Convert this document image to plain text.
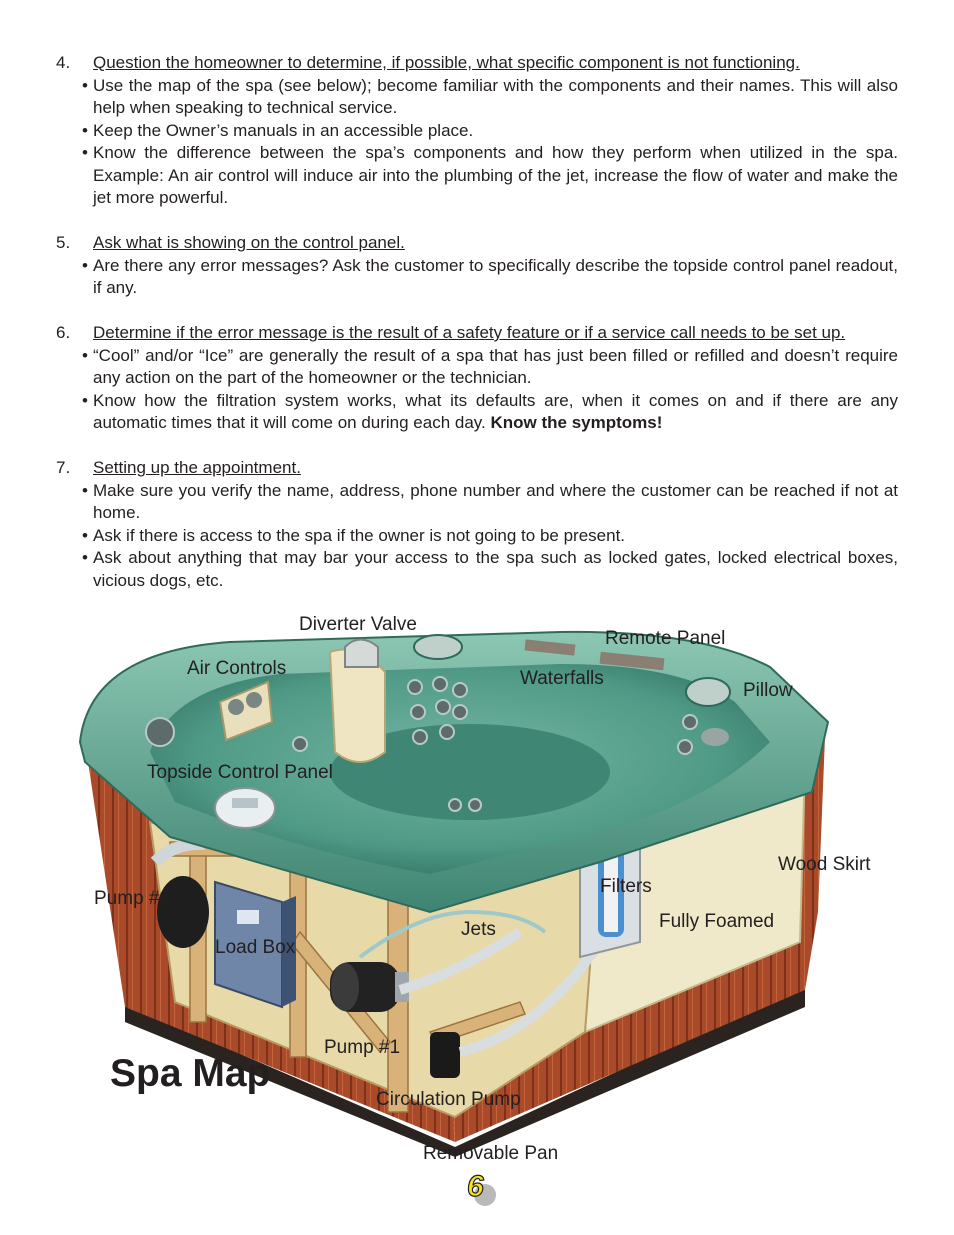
4.	Question the homeowner to determine, if possible, what specific component is not functioning.
• Use the map of the spa (see below); become familiar with the components and their names. This will also help when speaking to technical service.
• Keep the Owner’s manuals in an accessible place.
• Know the difference between the spa’s components and how they perform when utilized in the spa. Example: An air control will induce air into the plumbing of the jet, increase the flow of water and make the jet more powerful.
5.	Ask what is showing on the control panel.
• Are there any error messages? Ask the customer to specifically describe the topside control panel readout, if any.
6.	Determine if the error message is the result of a safety feature or if a service call needs to be set up.
• “Cool” and/or “Ice” are generally the result of a spa that has just been filled or refilled and doesn’t require any action on the part of the homeowner or the technician.
• Know how the filtration system works, what its defaults are, when it comes on and if there are any automatic times that it will come on during each day. Know the symptoms!
7.	Setting up the appointment.
• Make sure you verify the name, address, phone number and where the customer can be reached if not at home.
• Ask if there is access to the spa if the owner is not going to be present.
• Ask about anything that may bar your access to the spa such as locked gates, locked electrical boxes, vicious dogs, etc.
Diverter Valve
Remote Panel
Air Controls	Waterfalls
Pillow
Topside Control Panel
Wood Skirt
Filters
Pump #2
Fully Foamed
Jets
Load Box
Pump #1
Circulation Pump
Removable Pan
Spa Map
6
